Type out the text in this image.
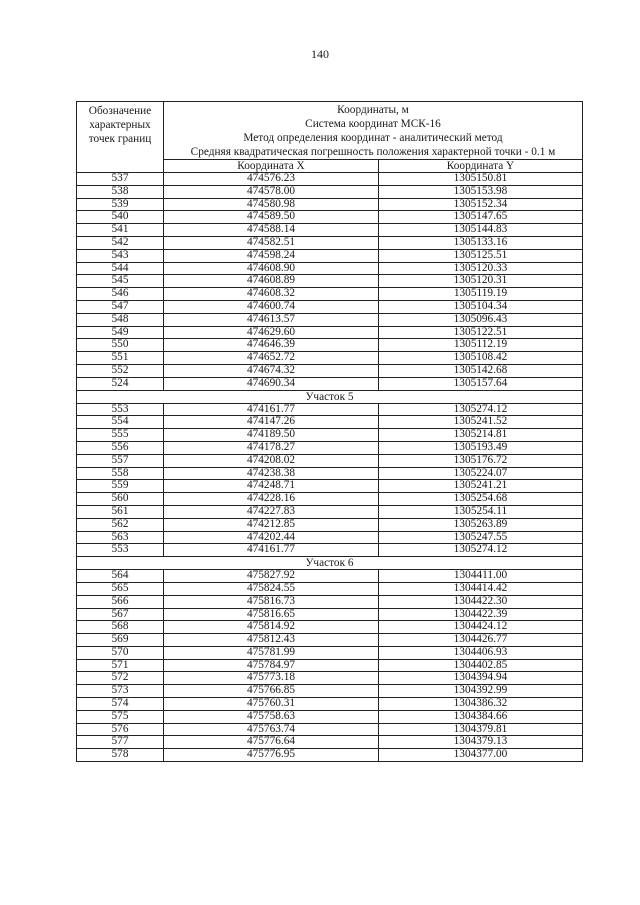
140
Обозначение
характерных
точек границ	Координаты, м
Система координат МСК-16
Метод определения координат - аналитический метод
Средняя квадратическая погрешность положения характерной точки - 0.1 м	

	Координата X	Координата Y
537	474576.23	1305150.81
538	474578.00	1305153.98
539	474580.98	1305152.34
540	474589.50	1305147.65
541	474588.14	1305144.83
542	474582.51	1305133.16
543	474598.24	1305125.51
544	474608.90	1305120.33
545	474608.89	1305120.31
546	474608.32	1305119.19
547	474600.74	1305104.34
548	474613.57	1305096.43
549	474629.60	1305122.51
550	474646.39	1305112.19
551	474652.72	1305108.42
552	474674.32	1305142.68
524	474690.34	1305157.64
Участок 5		
553	474161.77	1305274.12
554	474147.26	1305241.52
555	474189.50	1305214.81
556	474178.27	1305193.49
557	474208.02	1305176.72
558	474238.38	1305224.07
559	474248.71	1305241.21
560	474228.16	1305254.68
561	474227.83	1305254.11
562	474212.85	1305263.89
563	474202.44	1305247.55
553	474161.77	1305274.12
Участок 6		
564	475827.92	1304411.00
565	475824.55	1304414.42
566	475816.73	1304422.30
567	475816.65	1304422.39
568	475814.92	1304424.12
569	475812.43	1304426.77
570	475781.99	1304406.93
571	475784.97	1304402.85
572	475773.18	1304394.94
573	475766.85	1304392.99
574	475760.31	1304386.32
575	475758.63	1304384.66
576	475763.74	1304379.81
577	475776.64	1304379.13
578	475776.95	1304377.00
